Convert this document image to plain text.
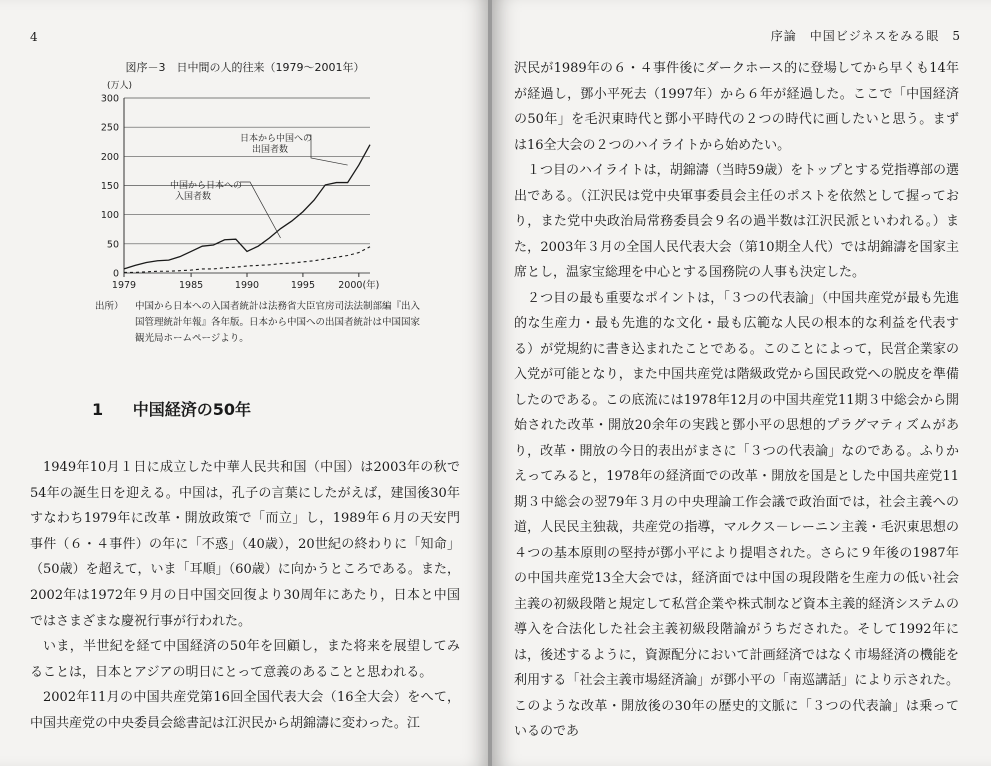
4
図序－3　日中間の人的往来（1979～2001年）
(万人)
0
50
100
150
200
250
300
1979	1985	1990	1995 2000(年)
日本から中国への
出国者数
中国から日本への
入国者数
出所） 中国から日本への入国者統計は法務省大臣官房司法法制部編『出入国管理統計年報』各年版。日本から中国への出国者統計は中国国家観光局ホームページより。
1 中国経済の50年

1949年10月１日に成立した中華人民共和国（中国）は2003年の秋で54年の誕生日を迎える。中国は，孔子の言葉にしたがえば，建国後30年すなわち1979年に改革・開放政策で「而立」し，1989年６月の天安門事件（６・４事件）の年に「不惑」（40歳），20世紀の終わりに「知命」（50歳）を超えて，いま「耳順」（60歳）に向かうところである。また，2002年は1972年９月の日中国交回復より30周年にあたり，日本と中国ではさまざまな慶祝行事が行われた。

いま，半世紀を経て中国経済の50年を回顧し，また将来を展望してみることは，日本とアジアの明日にとって意義のあることと思われる。

2002年11月の中国共産党第16回全国代表大会（16全大会）をへて，中国共産党の中央委員会総書記は江沢民から胡錦濤に変わった。江

序論　中国ビジネスをみる眼　5

沢民が1989年の６・４事件後にダークホース的に登場してから早くも14年が経過し，鄧小平死去（1997年）から６年が経過した。ここで「中国経済の50年」を毛沢東時代と鄧小平時代の２つの時代に画したいと思う。まずは16全大会の２つのハイライトから始めたい。

１つ目のハイライトは，胡錦濤（当時59歳）をトップとする党指導部の選出である。（江沢民は党中央軍事委員会主任のポストを依然として握っており，また党中央政治局常務委員会９名の過半数は江沢民派といわれる。）また，2003年３月の全国人民代表大会（第10期全人代）では胡錦濤を国家主席とし，温家宝総理を中心とする国務院の人事も決定した。

２つ目の最も重要なポイントは，「３つの代表論」（中国共産党が最も先進的な生産力・最も先進的な文化・最も広範な人民の根本的な利益を代表する）が党規約に書き込まれたことである。このことによって，民営企業家の入党が可能となり，また中国共産党は階級政党から国民政党への脱皮を準備したのである。この底流には1978年12月の中国共産党11期３中総会から開始された改革・開放20余年の実践と鄧小平の思想的プラグマティズムがあり，改革・開放の今日的表出がまさに「３つの代表論」なのである。ふりかえってみると，1978年の経済面での改革・開放を国是とした中国共産党11期３中総会の翌79年３月の中央理論工作会議で政治面では，社会主義への道，人民民主独裁，共産党の指導，マルクス－レーニン主義・毛沢東思想の４つの基本原則の堅持が鄧小平により提唱された。さらに９年後の1987年の中国共産党13全大会では，経済面では中国の現段階を生産力の低い社会主義の初級段階と規定して私営企業や株式制など資本主義的経済システムの導入を合法化した社会主義初級段階論がうちだされた。そして1992年には，後述するように，資源配分において計画経済ではなく市場経済の機能を利用する「社会主義市場経済論」が鄧小平の「南巡講話」により示された。このような改革・開放後の30年の歴史的文脈に「３つの代表論」は乗っているのであ
